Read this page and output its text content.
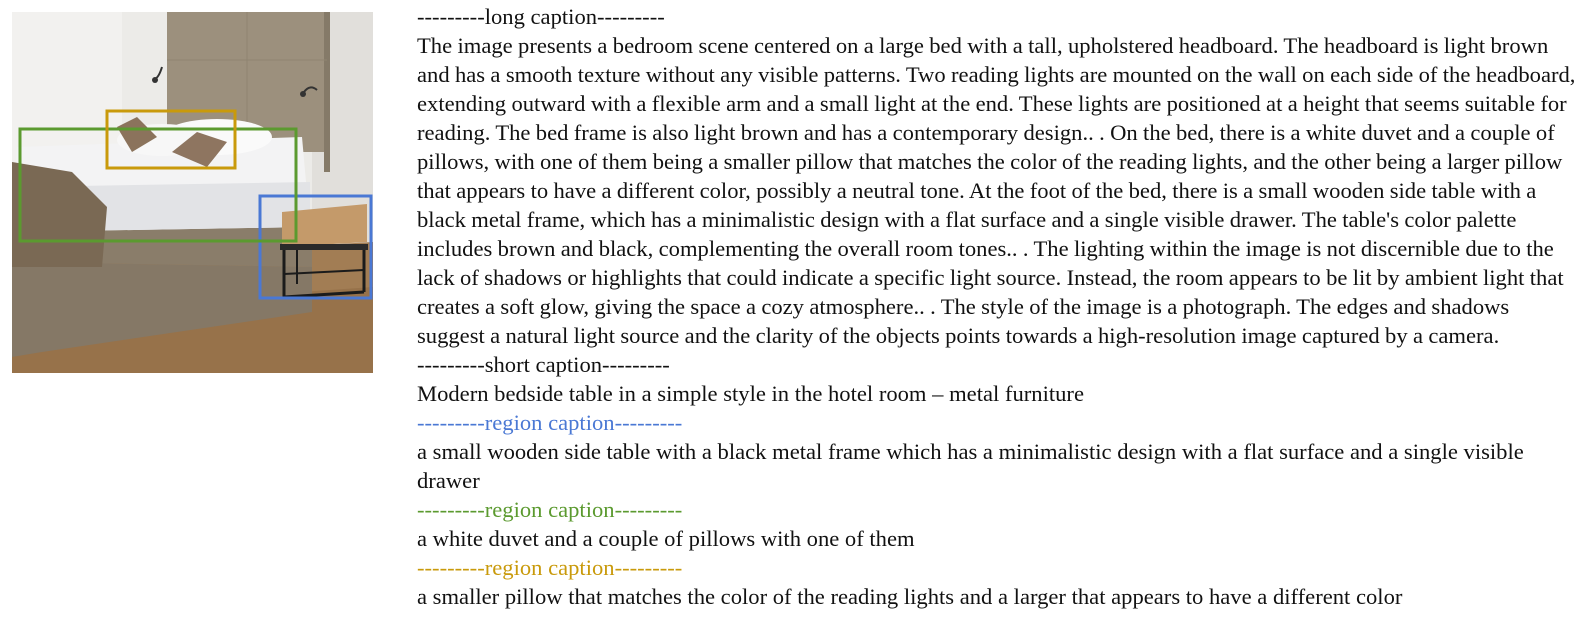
---------long caption---------

The image presents a bedroom scene centered on a large bed with a tall, upholstered headboard. The headboard is light brown and has a smooth texture without any visible patterns. Two reading lights are mounted on the wall on each side of the headboard, extending outward with a flexible arm and a small light at the end. These lights are positioned at a height that seems suitable for reading. The bed frame is also light brown and has a contemporary design.. . On the bed, there is a white duvet and a couple of pillows, with one of them being a smaller pillow that matches the color of the reading lights, and the other being a larger pillow that appears to have a different color, possibly a neutral tone. At the foot of the bed, there is a small wooden side table with a black metal frame, which has a minimalistic design with a flat surface and a single visible drawer. The table's color palette includes brown and black, complementing the overall room tones.. . The lighting within the image is not discernible due to the lack of shadows or highlights that could indicate a specific light source. Instead, the room appears to be lit by ambient light that creates a soft glow, giving the space a cozy atmosphere.. . The style of the image is a photograph. The edges and shadows suggest a natural light source and the clarity of the objects points towards a high-resolution image captured by a camera.

---------short caption---------

Modern bedside table in a simple style in the hotel room – metal furniture

---------region caption---------

a small wooden side table with a black metal frame which has a minimalistic design with a flat surface and a single visible drawer

---------region caption---------

a white duvet and a couple of pillows with one of them

---------region caption---------

a smaller pillow that matches the color of the reading lights and a larger that appears to have a different color
